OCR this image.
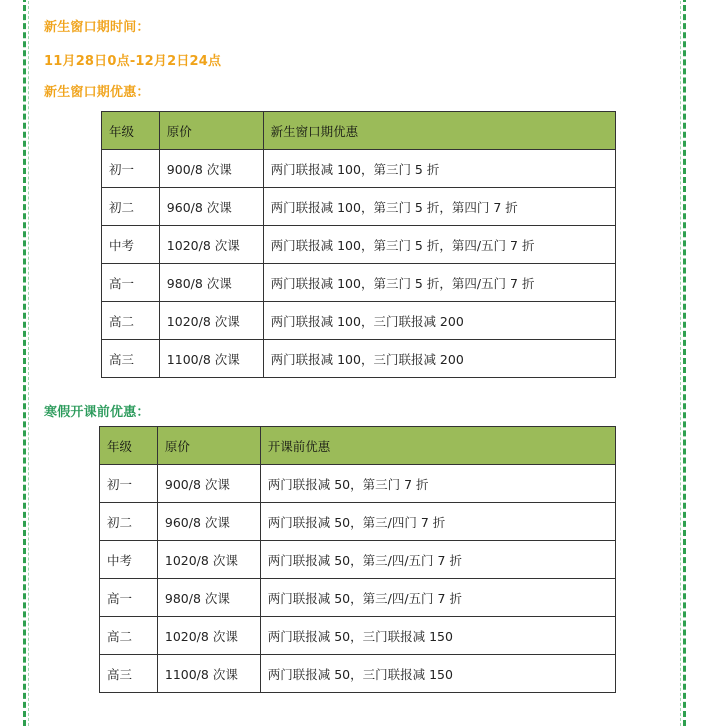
新生窗口期时间：
11月28日0点-12月2日24点
新生窗口期优惠：
年级	原价	新生窗口期优惠
初一	900/8 次课	两门联报减 100，第三门 5 折
初二	960/8 次课	两门联报减 100，第三门 5 折，第四门 7 折
中考	1020/8 次课	两门联报减 100，第三门 5 折，第四/五门 7 折
高一	980/8 次课	两门联报减 100，第三门 5 折，第四/五门 7 折
高二	1020/8 次课	两门联报减 100，三门联报减 200
高三	1100/8 次课	两门联报减 100，三门联报减 200
寒假开课前优惠：
年级	原价	开课前优惠
初一	900/8 次课	两门联报减 50，第三门 7 折
初二	960/8 次课	两门联报减 50，第三/四门 7 折
中考	1020/8 次课	两门联报减 50，第三/四/五门 7 折
高一	980/8 次课	两门联报减 50，第三/四/五门 7 折
高二	1020/8 次课	两门联报减 50，三门联报减 150
高三	1100/8 次课	两门联报减 50，三门联报减 150
